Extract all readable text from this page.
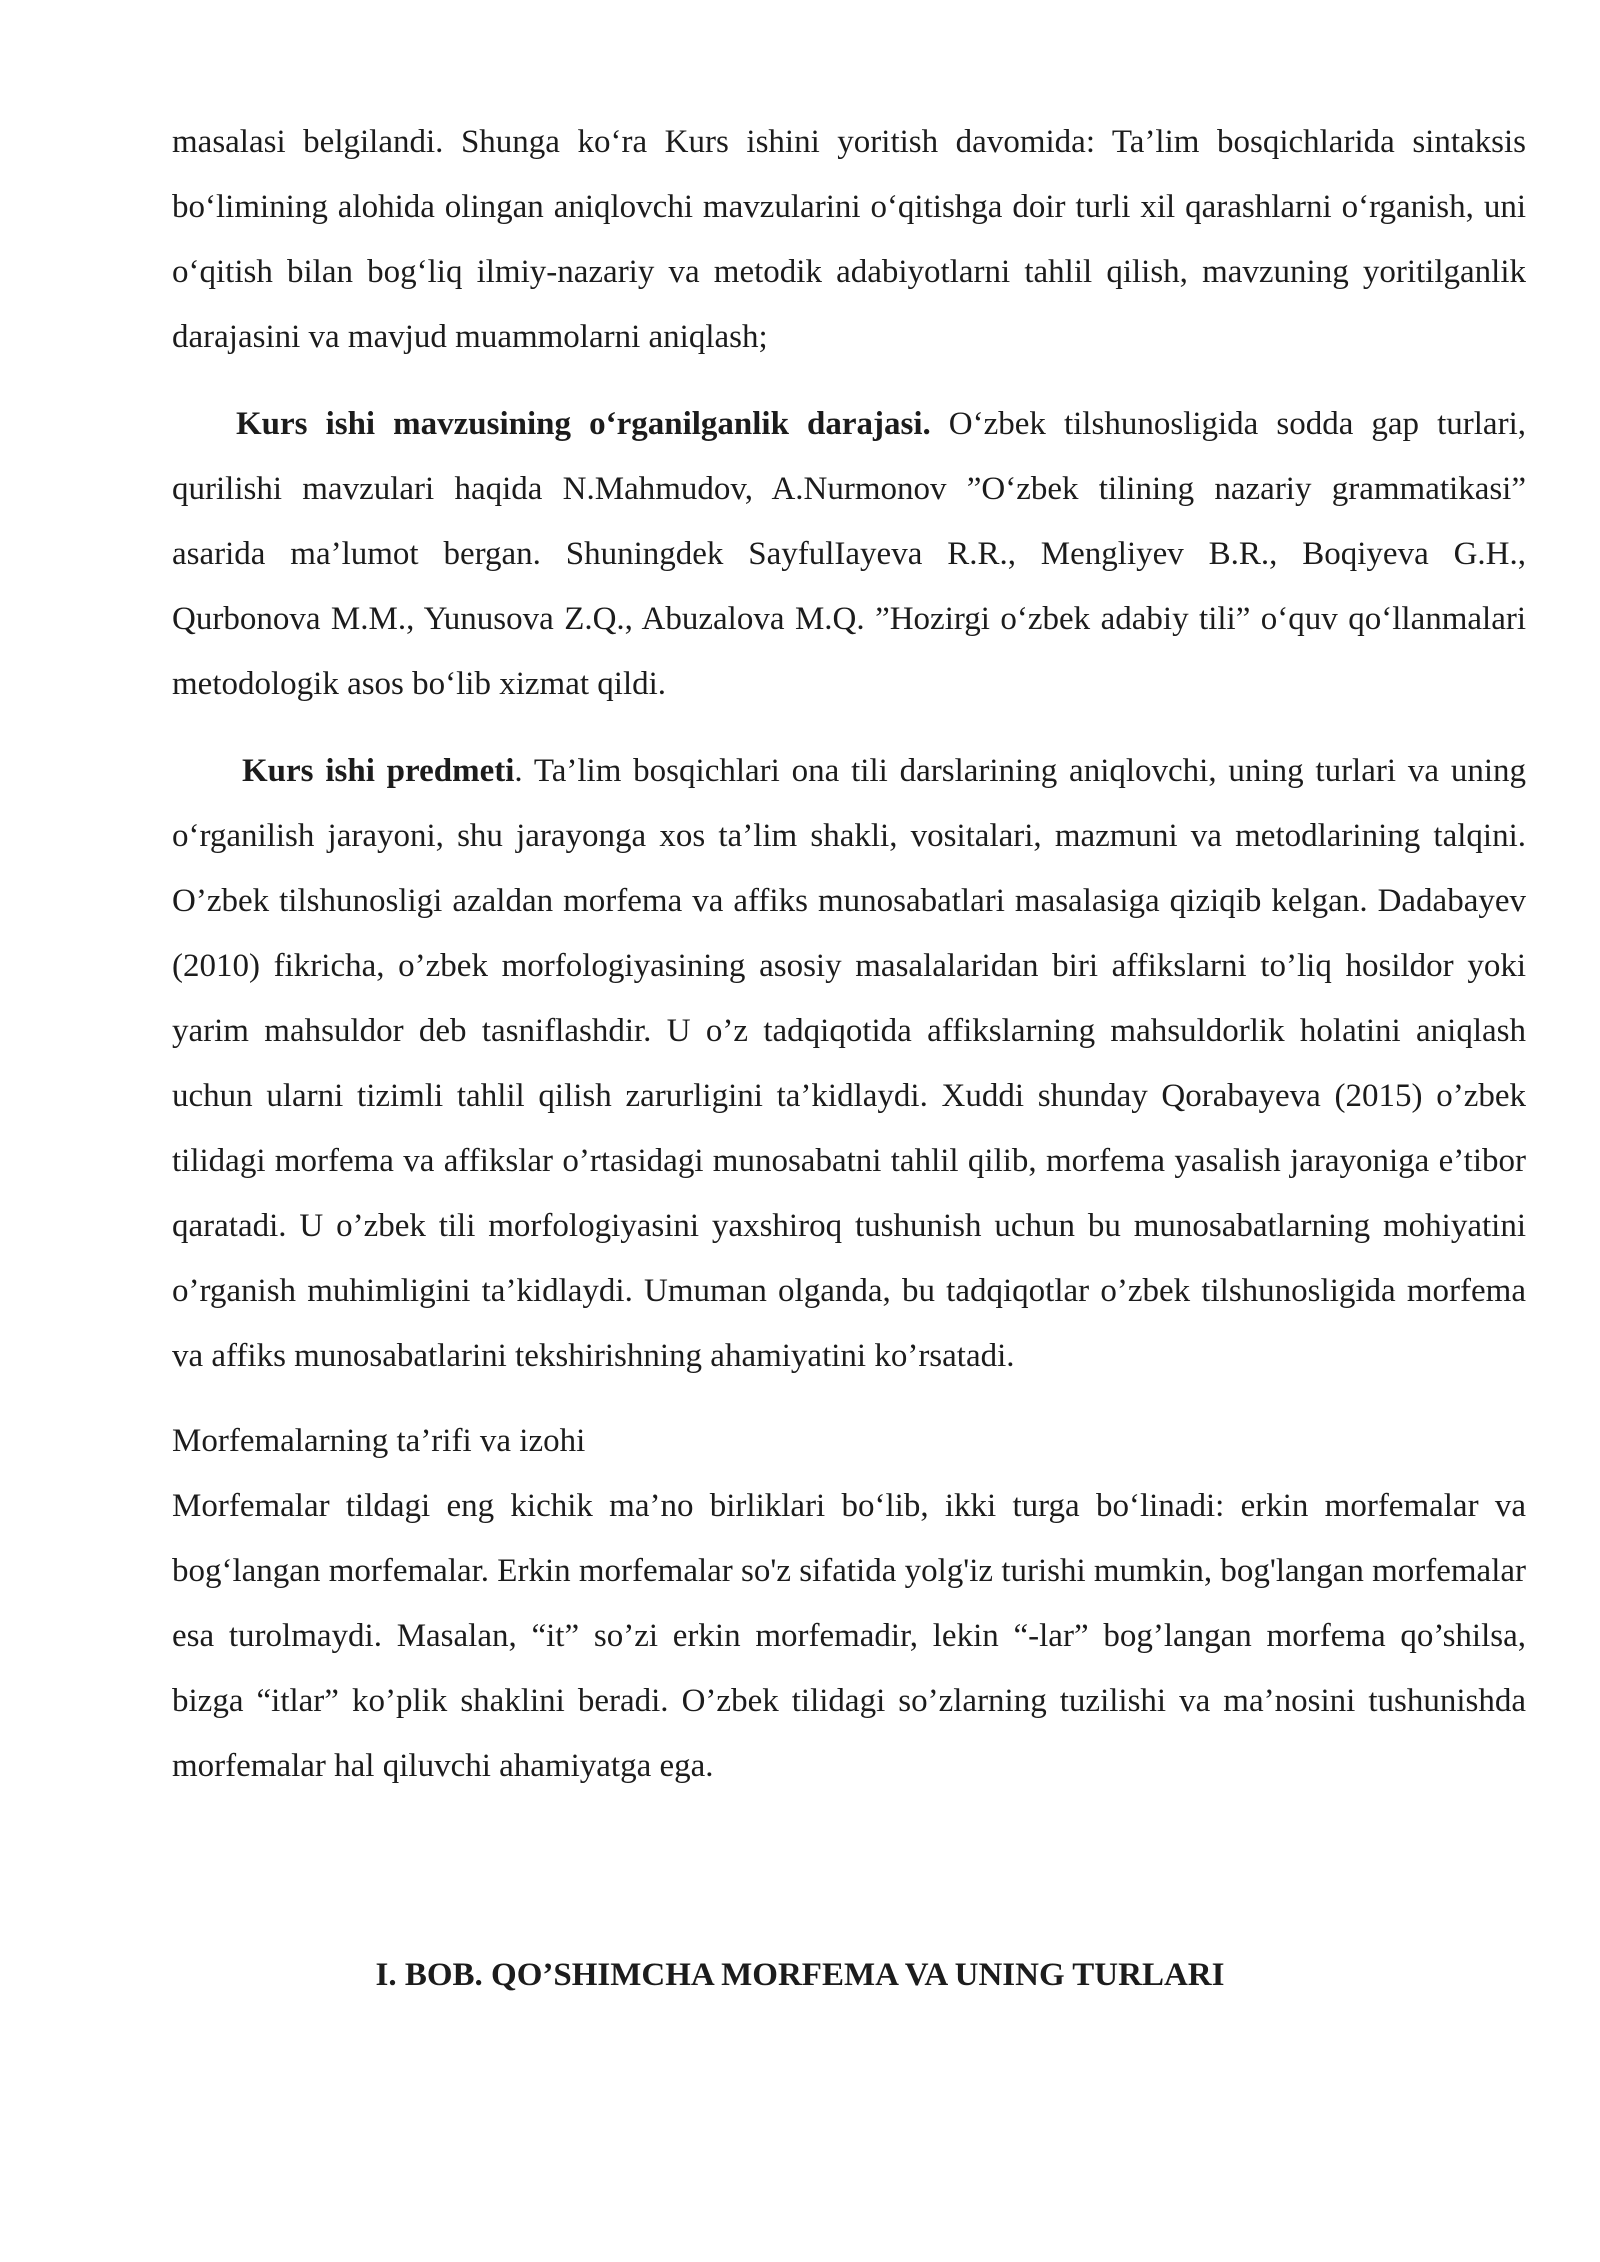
masalasi belgilandi. Shunga ko‘ra Kurs ishini yoritish davomida: Ta’lim bosqichlarida sintaksis bo‘limining alohida olingan aniqlovchi mavzularini o‘qitishga doir turli xil qarashlarni o‘rganish, uni o‘qitish bilan bog‘liq ilmiy-nazariy va metodik adabiyotlarni tahlil qilish, mavzuning yoritilganlik darajasini va mavjud muammolarni aniqlash;

Kurs ishi mavzusining o‘rganilganlik darajasi. O‘zbek tilshunosligida sodda gap turlari, qurilishi mavzulari haqida N.Mahmudov, A.Nurmonov ”O‘zbek tilining nazariy grammatikasi” asarida ma’lumot bergan. Shuningdek SayfulIayeva R.R., Mengliyev B.R., Boqiyeva G.H., Qurbonova M.M., Yunusova Z.Q., Abuzalova M.Q. ”Hozirgi o‘zbek adabiy tili” o‘quv qo‘llanmalari metodologik asos bo‘lib xizmat qildi.

Kurs ishi predmeti. Ta’lim bosqichlari ona tili darslarining aniqlovchi, uning turlari va uning o‘rganilish jarayoni, shu jarayonga xos ta’lim shakli, vositalari, mazmuni va metodlarining talqini. O’zbek tilshunosligi azaldan morfema va affiks munosabatlari masalasiga qiziqib kelgan. Dadabayev (2010) fikricha, o’zbek morfologiyasining asosiy masalalaridan biri affikslarni to’liq hosildor yoki yarim mahsuldor deb tasniflashdir. U o’z tadqiqotida affikslarning mahsuldorlik holatini aniqlash uchun ularni tizimli tahlil qilish zarurligini ta’kidlaydi. Xuddi shunday Qorabayeva (2015) o’zbek tilidagi morfema va affikslar o’rtasidagi munosabatni tahlil qilib, morfema yasalish jarayoniga e’tibor qaratadi. U o’zbek tili morfologiyasini yaxshiroq tushunish uchun bu munosabatlarning mohiyatini o’rganish muhimligini ta’kidlaydi. Umuman olganda, bu tadqiqotlar o’zbek tilshunosligida morfema va affiks munosabatlarini tekshirishning ahamiyatini ko’rsatadi.

Morfemalarning ta’rifi va izohi

Morfemalar tildagi eng kichik ma’no birliklari bo‘lib, ikki turga bo‘linadi: erkin morfemalar va bog‘langan morfemalar. Erkin morfemalar so'z sifatida yolg'iz turishi mumkin, bog'langan morfemalar esa turolmaydi. Masalan, “it” so’zi erkin morfemadir, lekin “-lar” bog’langan morfema qo’shilsa, bizga “itlar” ko’plik shaklini beradi. O’zbek tilidagi so’zlarning tuzilishi va ma’nosini tushunishda morfemalar hal qiluvchi ahamiyatga ega.

I. BOB. QO’SHIMCHA MORFEMA VA UNING TURLARI
